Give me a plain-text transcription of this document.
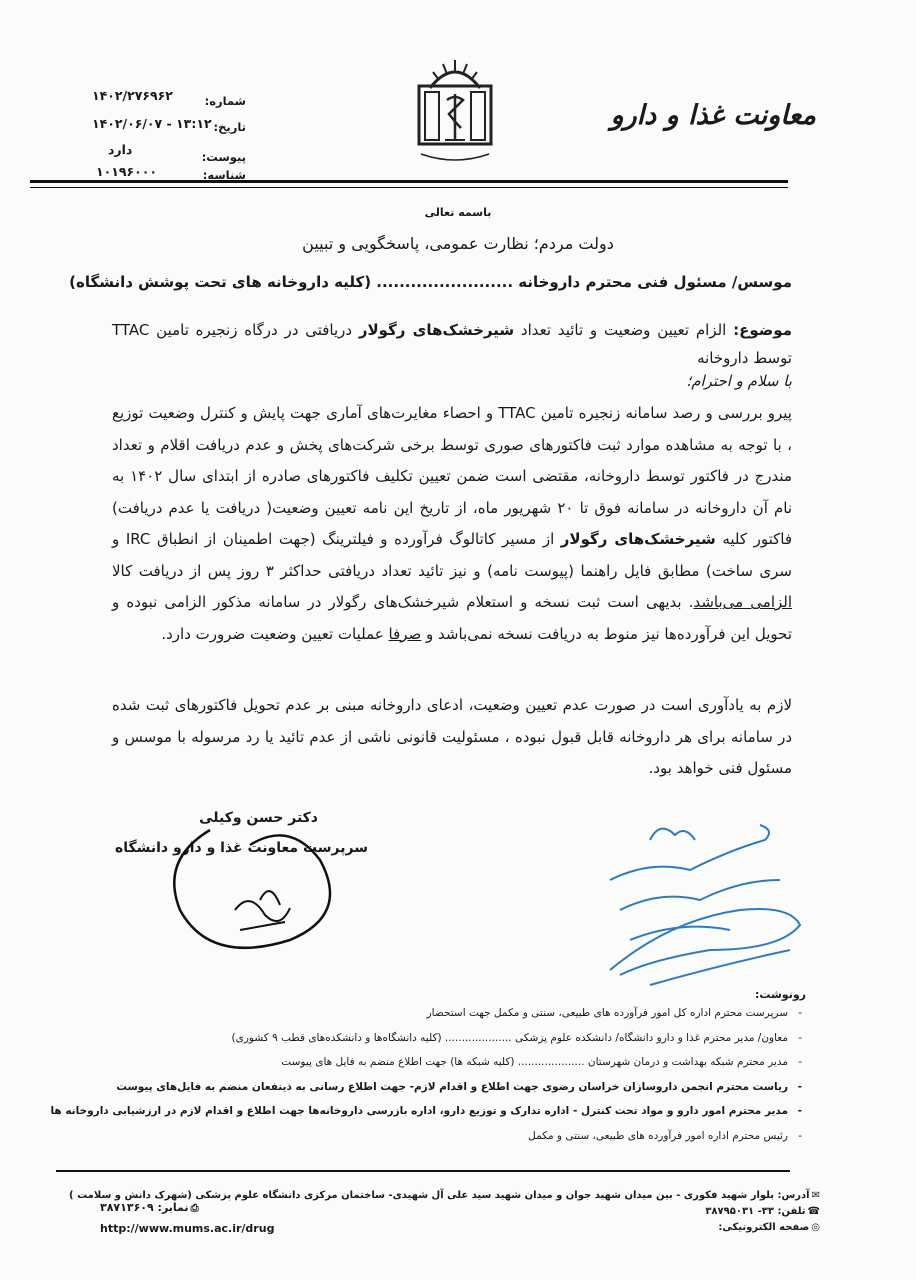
معاونت غذا و دارو
شماره:
۱۴۰۲/۲۷۶۹۶۲
تاریخ:
۱۴۰۲/۰۶/۰۷ - ۱۳:۱۲
پیوست:
دارد
شناسه:
۱۰۱۹۶۰۰۰
باسمه تعالی
دولت مردم؛ نظارت عمومی، پاسخگویی و تبیین
موسس/ مسئول فنی محترم داروخانه ........................ (کلیه داروخانه های تحت پوشش دانشگاه)
موضوع: الزام تعیین وضعیت و تائید تعداد شیرخشک‌های رگولار دریافتی در درگاه زنجیره تامین TTAC توسط داروخانه
با سلام و احترام؛
پیرو بررسی و رصد سامانه زنجیره تامین TTAC و احصاء مغایرت‌های آماری جهت پایش و کنترل وضعیت توزیع ، با توجه به مشاهده موارد ثبت فاکتورهای صوری توسط برخی شرکت‌های پخش و عدم دریافت اقلام و تعداد مندرج در فاکتور توسط داروخانه، مقتضی است ضمن تعیین تکلیف فاکتورهای صادره از ابتدای سال ۱۴۰۲ به نام آن داروخانه در سامانه فوق تا ۲۰ شهریور ماه، از تاریخ این نامه تعیین وضعیت( دریافت یا عدم دریافت) فاکتور کلیه شیرخشک‌های رگولار از مسیر کاتالوگ فرآورده و فیلترینگ (جهت اطمینان از انطباق IRC و سری ساخت) مطابق فایل راهنما (پیوست نامه) و نیز تائید تعداد دریافتی حداکثر ۳ روز پس از دریافت کالا الزامی می‌باشد. بدیهی است ثبت نسخه و استعلام شیرخشک‌های رگولار در سامانه مذکور الزامی نبوده و تحویل این فرآورده‌ها نیز منوط به دریافت نسخه نمی‌باشد و صرفا عملیات تعیین وضعیت ضرورت دارد.
لازم به یادآوری است در صورت عدم تعیین وضعیت، ادعای داروخانه مبنی بر عدم تحویل فاکتورهای ثبت شده در سامانه برای هر داروخانه قابل قبول نبوده ، مسئولیت قانونی ناشی از عدم تائید یا رد مرسوله با موسس و مسئول فنی خواهد بود.
دکتر حسن وکیلی
سرپرست معاونت غذا و دارو دانشگاه
رونوشت:
- سرپرست محترم اداره کل امور فرآورده های طبیعی، سنتی و مکمل جهت استحضار
- معاون/ مدیر محترم غذا و دارو دانشگاه/ دانشکده علوم پزشکی .................... (کلیه دانشگاه‌ها و دانشکده‌های قطب ۹ کشوری)
- مدیر محترم شبکه بهداشت و درمان شهرستان .................... (کلیه شبکه ها) جهت اطلاع منضم به فایل های پیوست
- ریاست محترم انجمن داروسازان خراسان رضوی جهت اطلاع و اقدام لازم- جهت اطلاع رسانی به ذینفعان منضم به فایل‌های پیوست
- مدیر محترم امور دارو و مواد تحت کنترل - اداره تدارک و توزیع دارو، اداره بازرسی داروخانه‌ها جهت اطلاع و اقدام لازم در ارزشیابی داروخانه ها
- رئیس محترم اداره امور فرآورده های طبیعی، سنتی و مکمل
✉آدرس: بلوار شهید فکوری - بین میدان شهید جوان و میدان شهید سید علی آل شهیدی- ساختمان مرکزی دانشگاه علوم پزشکی (شهرک دانش و سلامت )
☎تلفن: ۳۳- ۳۸۷۹۵۰۳۱
◎صفحه الکترونیکی:
⎙نمابر: ۳۸۷۱۳۶۰۹
http://www.mums.ac.ir/drug
